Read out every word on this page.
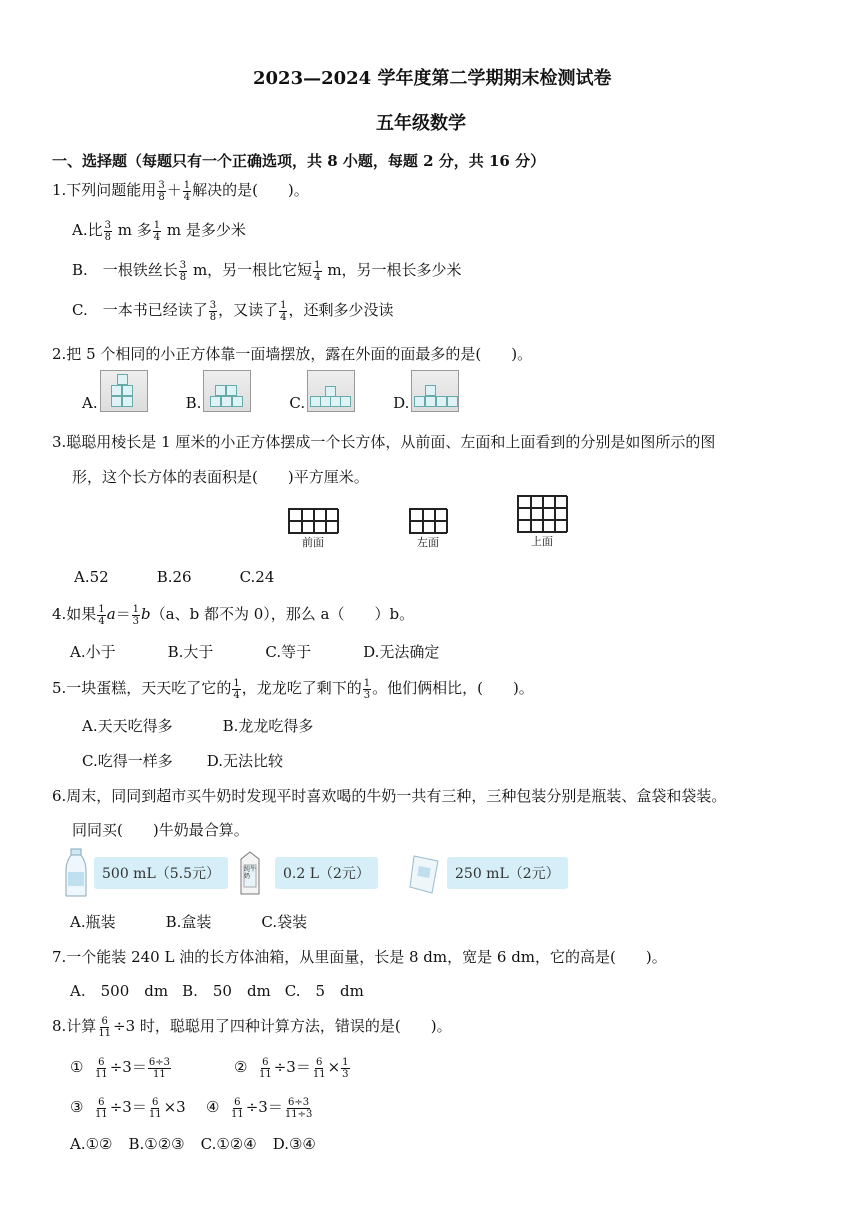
2023—2024 学年度第二学期期末检测试卷
五年级数学
一、选择题（每题只有一个正确选项，共 8 小题，每题 2 分，共 16 分）
1.下列问题能用 $\frac{3}{8} + \frac{1}{4}$ 解决的是(　　)。
A.比 $\frac{3}{8}$ m 多 $\frac{1}{4}$ m 是多少米
B.　一根铁丝长 $\frac{3}{8}$ m，另一根比它短 $\frac{1}{4}$ m，另一根长多少米
C.　一本书已经读了 $\frac{3}{8}$ ，又读了 $\frac{1}{4}$ ，还剩多少没读
2.把 5 个相同的小正方体靠一面墙摆放，露在外面的面最多的是(　　)。
A.	B.	C.	D.
3.聪聪用棱长是 1 厘米的小正方体摆成一个长方体，从前面、左面和上面看到的分别是如图所示的图
形，这个长方体的表面积是(　　)平方厘米。
前面	左面	上面
A.52	B.26	C.24
4.如果 $\frac{1}{4} a= \frac{1}{3} b(a$、b 都不为 0），那么 a（　　）b。
A.小于	B.大于	C.等于	D.无法确定
5.一块蛋糕，天天吃了它的 $\frac{1}{4}$ ，龙龙吃了剩下的 $\frac{1}{3}$ 。他们俩相比，(　　)。
A.天天吃得多	B.龙龙吃得多
C.吃得一样多 D.无法比较
6.周末，同同到超市买牛奶时发现平时喜欢喝的牛奶一共有三种，三种包装分别是瓶装、盒袋和袋装。
同同买(　　)牛奶最合算。
500 mL（5.5元）	纯牛奶	0.2 L（2元）	250 mL（2元）
A.瓶装	B.盒装	C.袋装
7.一个能装 240 L 油的长方体油箱，从里面量，长是 8 dm，宽是 6 dm，它的高是(　　)。
A.　500　dm B.　50　dm C.　5　dm
8.计算 $\frac{6}{11} \div 3$ 时，聪聪用了四种计算方法，错误的是(　　)。
① $\frac{6}{11} \div 3= \frac{6\div 3}{11}$	② $\frac{6}{11} \div 3= \frac{6}{11} \times \frac{1}{3}$
③ $\frac{6}{11} \div 3= \frac{6}{11} \times 3$ ④ $\frac{6}{11} \div 3= \frac{6\div 3}{11\div 3}$
A.①② B.①②③ C.①②④ D.③④
